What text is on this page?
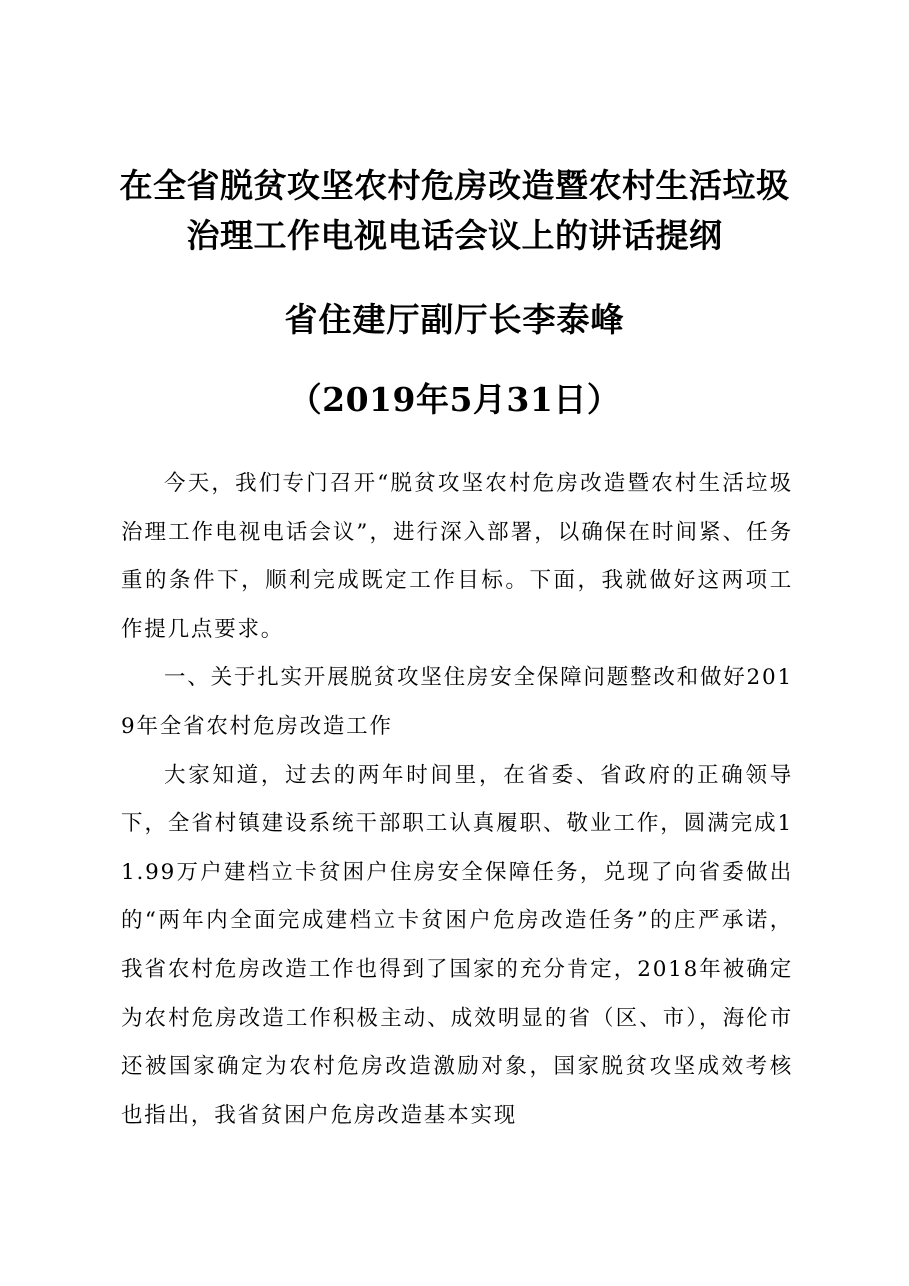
在全省脱贫攻坚农村危房改造暨农村生活垃圾
治理工作电视电话会议上的讲话提纲
省住建厅副厅长李泰峰
（2019年5月31日）

今天，我们专门召开“脱贫攻坚农村危房改造暨农村生活垃圾治理工作电视电话会议”，进行深入部署，以确保在时间紧、任务重的条件下，顺利完成既定工作目标。下面，我就做好这两项工作提几点要求。

一、关于扎实开展脱贫攻坚住房安全保障问题整改和做好2019年全省农村危房改造工作

大家知道，过去的两年时间里，在省委、省政府的正确领导下，全省村镇建设系统干部职工认真履职、敬业工作，圆满完成11.99万户建档立卡贫困户住房安全保障任务，兑现了向省委做出的“两年内全面完成建档立卡贫困户危房改造任务”的庄严承诺，我省农村危房改造工作也得到了国家的充分肯定，2018年被确定为农村危房改造工作积极主动、成效明显的省（区、市），海伦市还被国家确定为农村危房改造激励对象，国家脱贫攻坚成效考核也指出，我省贫困户危房改造基本实现
